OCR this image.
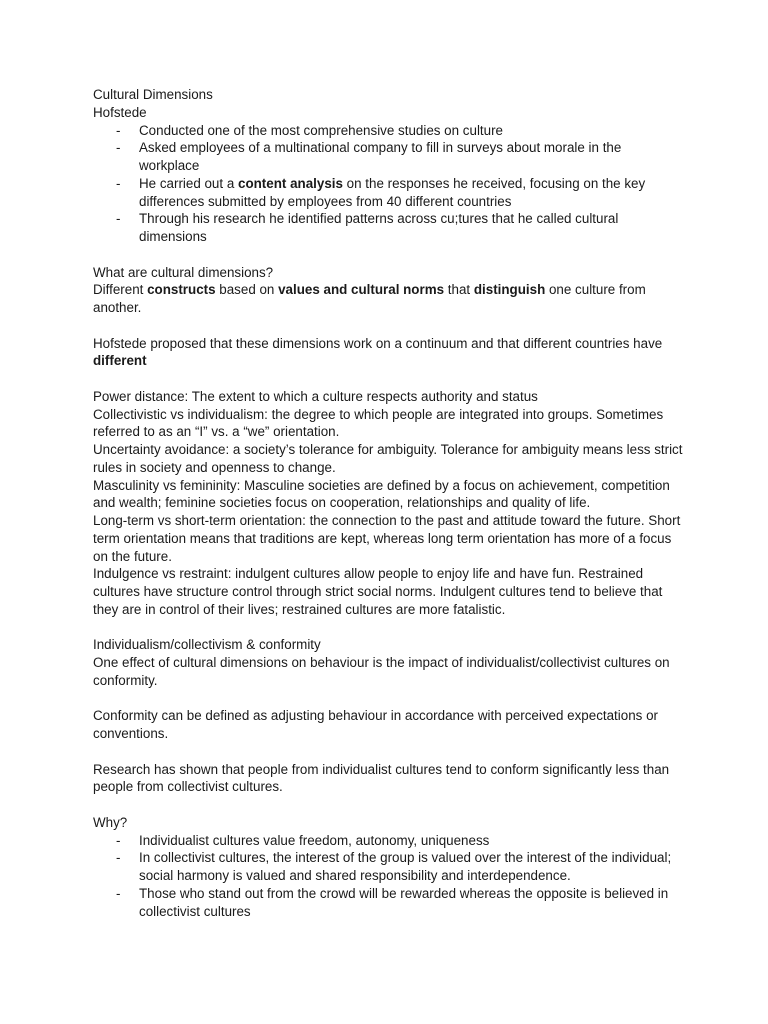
Cultural Dimensions
Hofstede
- Conducted one of the most comprehensive studies on culture
- Asked employees of a multinational company to fill in surveys about morale in the workplace
- He carried out a content analysis on the responses he received, focusing on the key differences submitted by employees from 40 different countries
- Through his research he identified patterns across cu;tures that he called cultural dimensions
What are cultural dimensions?
Different constructs based on values and cultural norms that distinguish one culture from another.
Hofstede proposed that these dimensions work on a continuum and that different countries have different
Power distance: The extent to which a culture respects authority and status
Collectivistic vs individualism: the degree to which people are integrated into groups. Sometimes referred to as an “I” vs. a “we” orientation.
Uncertainty avoidance: a society’s tolerance for ambiguity. Tolerance for ambiguity means less strict rules in society and openness to change.
Masculinity vs femininity: Masculine societies are defined by a focus on achievement, competition and wealth; feminine societies focus on cooperation, relationships and quality of life.
Long-term vs short-term orientation: the connection to the past and attitude toward the future. Short term orientation means that traditions are kept, whereas long term orientation has more of a focus on the future.
Indulgence vs restraint: indulgent cultures allow people to enjoy life and have fun. Restrained cultures have structure control through strict social norms. Indulgent cultures tend to believe that they are in control of their lives; restrained cultures are more fatalistic.
Individualism/collectivism & conformity
One effect of cultural dimensions on behaviour is the impact of individualist/collectivist cultures on conformity.
Conformity can be defined as adjusting behaviour in accordance with perceived expectations or conventions.
Research has shown that people from individualist cultures tend to conform significantly less than people from collectivist cultures.
Why?
- Individualist cultures value freedom, autonomy, uniqueness
- In collectivist cultures, the interest of the group is valued over the interest of the individual; social harmony is valued and shared responsibility and interdependence.
- Those who stand out from the crowd will be rewarded whereas the opposite is believed in collectivist cultures
